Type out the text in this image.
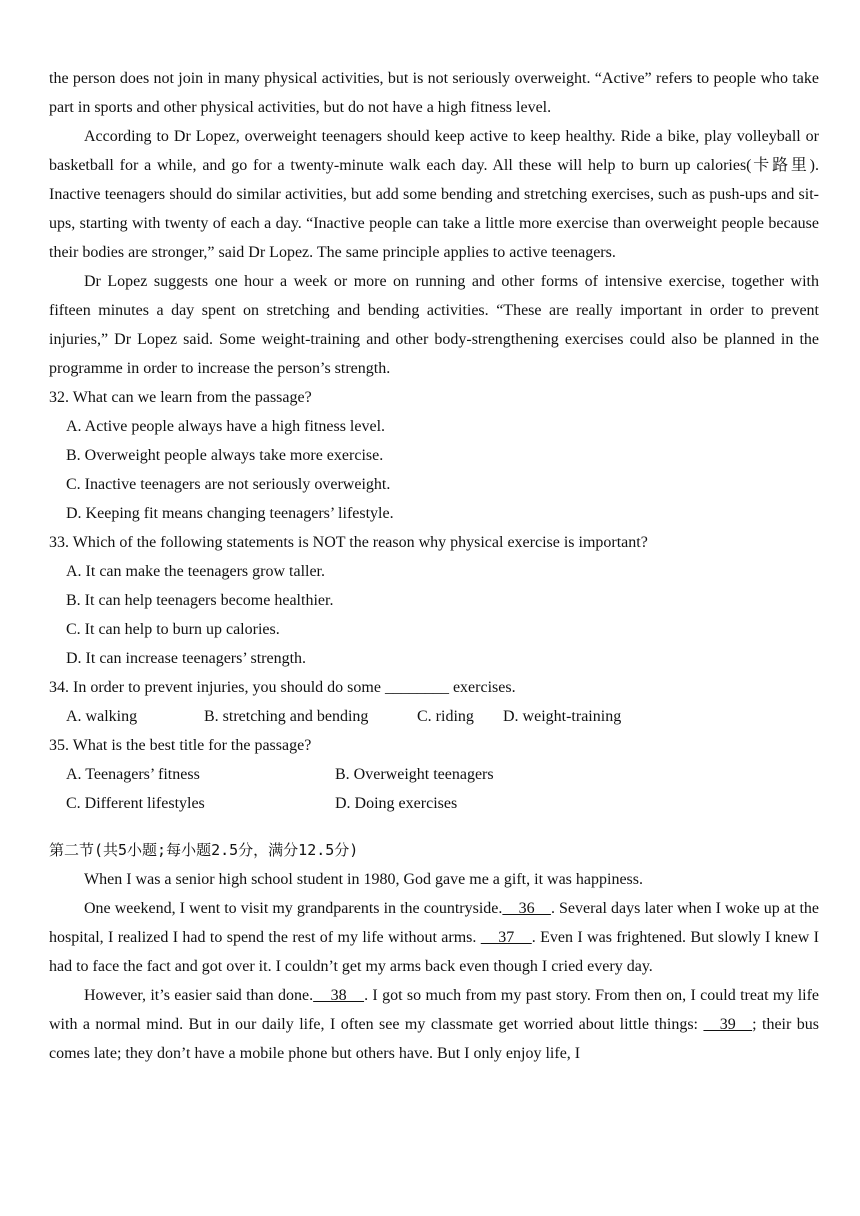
the person does not join in many physical activities, but is not seriously overweight. “Active” refers to people who take part in sports and other physical activities, but do not have a high fitness level.
According to Dr Lopez, overweight teenagers should keep active to keep healthy. Ride a bike, play volleyball or basketball for a while, and go for a twenty-minute walk each day. All these will help to burn up calories(卡路里). Inactive teenagers should do similar activities, but add some bending and stretching exercises, such as push-ups and sit-ups, starting with twenty of each a day. “Inactive people can take a little more exercise than overweight people because their bodies are stronger,” said Dr Lopez. The same principle applies to active teenagers.
Dr Lopez suggests one hour a week or more on running and other forms of intensive exercise, together with fifteen minutes a day spent on stretching and bending activities. “These are really important in order to prevent injuries,” Dr Lopez said. Some weight-training and other body-strengthening exercises could also be planned in the programme in order to increase the person’s strength.
32. What can we learn from the passage?
A. Active people always have a high fitness level.
B. Overweight people always take more exercise.
C. Inactive teenagers are not seriously overweight.
D. Keeping fit means changing teenagers’ lifestyle.
33. Which of the following statements is NOT the reason why physical exercise is important?
A. It can make the teenagers grow taller.
B. It can help teenagers become healthier.
C. It can help to burn up calories.
D. It can increase teenagers’ strength.
34. In order to prevent injuries, you should do some ________ exercises.
A. walking	B. stretching and bending	C. riding	D. weight-training
35. What is the best title for the passage?
A. Teenagers’ fitness	B. Overweight teenagers
C. Different lifestyles	D. Doing exercises
第二节(共5小题;每小题2.5分，满分12.5分)
When I was a senior high school student in 1980, God gave me a gift, it was happiness.
One weekend, I went to visit my grandparents in the countryside.    36    . Several days later when I woke up at the hospital, I realized I had to spend the rest of my life without arms.     37    . Even I was frightened. But slowly I knew I had to face the fact and got over it. I couldn’t get my arms back even though I cried every day.
However, it’s easier said than done.    38    . I got so much from my past story. From then on, I could treat my life with a normal mind. But in our daily life, I often see my classmate get worried about little things:    39   ; their bus comes late; they don’t have a mobile phone but others have. But I only enjoy life, I
